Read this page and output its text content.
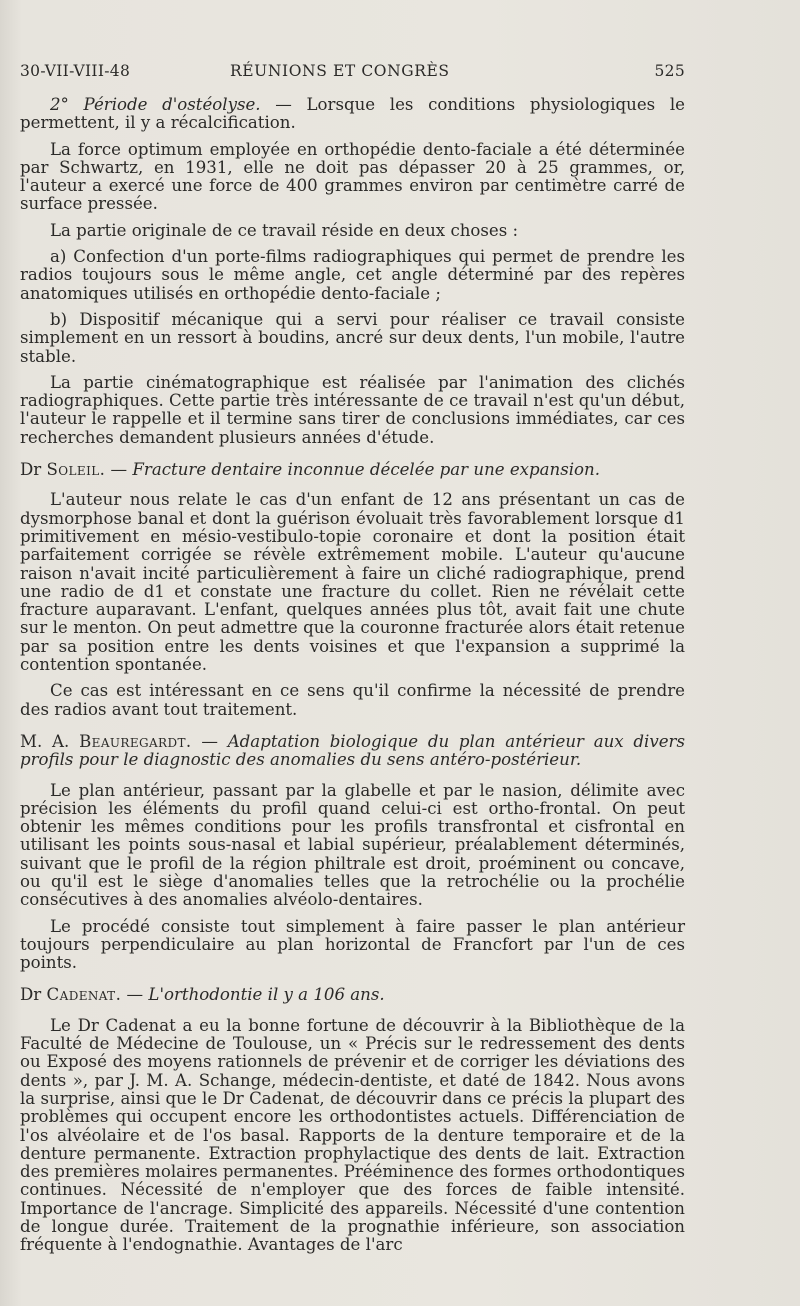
30-VII-VIII-48	RÉUNIONS ET CONGRÈS	525

2° Période d'ostéolyse. — Lorsque les conditions physiologiques le permettent, il y a récalcification.

La force optimum employée en orthopédie dento-faciale a été déterminée par Schwartz, en 1931, elle ne doit pas dépasser 20 à 25 grammes, or, l'auteur a exercé une force de 400 grammes environ par centimètre carré de surface pressée.

La partie originale de ce travail réside en deux choses :

a) Confection d'un porte-films radiographiques qui permet de prendre les radios toujours sous le même angle, cet angle déterminé par des repères anatomiques utilisés en orthopédie dento-faciale ;

b) Dispositif mécanique qui a servi pour réaliser ce travail consiste simplement en un ressort à boudins, ancré sur deux dents, l'un mobile, l'autre stable.

La partie cinématographique est réalisée par l'animation des clichés radiographiques. Cette partie très intéressante de ce travail n'est qu'un début, l'auteur le rappelle et il termine sans tirer de conclusions immédiates, car ces recherches demandent plusieurs années d'étude.

Dr Soleil. — Fracture dentaire inconnue décelée par une expansion.

L'auteur nous relate le cas d'un enfant de 12 ans présentant un cas de dysmorphose banal et dont la guérison évoluait très favorablement lorsque d1 primitivement en mésio-vestibulo-topie coronaire et dont la position était parfaitement corrigée se révèle extrêmement mobile. L'auteur qu'aucune raison n'avait incité particulièrement à faire un cliché radiographique, prend une radio de d1 et constate une fracture du collet. Rien ne révélait cette fracture auparavant. L'enfant, quelques années plus tôt, avait fait une chute sur le menton. On peut admettre que la couronne fracturée alors était retenue par sa position entre les dents voisines et que l'expansion a supprimé la contention spontanée.

Ce cas est intéressant en ce sens qu'il confirme la nécessité de prendre des radios avant tout traitement.

M. A. Beauregardt. — Adaptation biologique du plan antérieur aux divers profils pour le diagnostic des anomalies du sens antéro-postérieur.

Le plan antérieur, passant par la glabelle et par le nasion, délimite avec précision les éléments du profil quand celui-ci est ortho-frontal. On peut obtenir les mêmes conditions pour les profils transfrontal et cisfrontal en utilisant les points sous-nasal et labial supérieur, préalablement déterminés, suivant que le profil de la région philtrale est droit, proéminent ou concave, ou qu'il est le siège d'anomalies telles que la retrochélie ou la prochélie consécutives à des anomalies alvéolo-dentaires.

Le procédé consiste tout simplement à faire passer le plan antérieur toujours perpendiculaire au plan horizontal de Francfort par l'un de ces points.

Dr Cadenat. — L'orthodontie il y a 106 ans.

Le Dr Cadenat a eu la bonne fortune de découvrir à la Bibliothèque de la Faculté de Médecine de Toulouse, un « Précis sur le redressement des dents ou Exposé des moyens rationnels de prévenir et de corriger les déviations des dents », par J. M. A. Schange, médecin-dentiste, et daté de 1842. Nous avons la surprise, ainsi que le Dr Cadenat, de découvrir dans ce précis la plupart des problèmes qui occupent encore les orthodontistes actuels. Différenciation de l'os alvéolaire et de l'os basal. Rapports de la denture temporaire et de la denture permanente. Extraction prophylactique des dents de lait. Extraction des premières molaires permanentes. Prééminence des formes orthodontiques continues. Nécessité de n'employer que des forces de faible intensité. Importance de l'ancrage. Simplicité des appareils. Nécessité d'une contention de longue durée. Traitement de la prognathie inférieure, son association fréquente à l'endognathie. Avantages de l'arc
